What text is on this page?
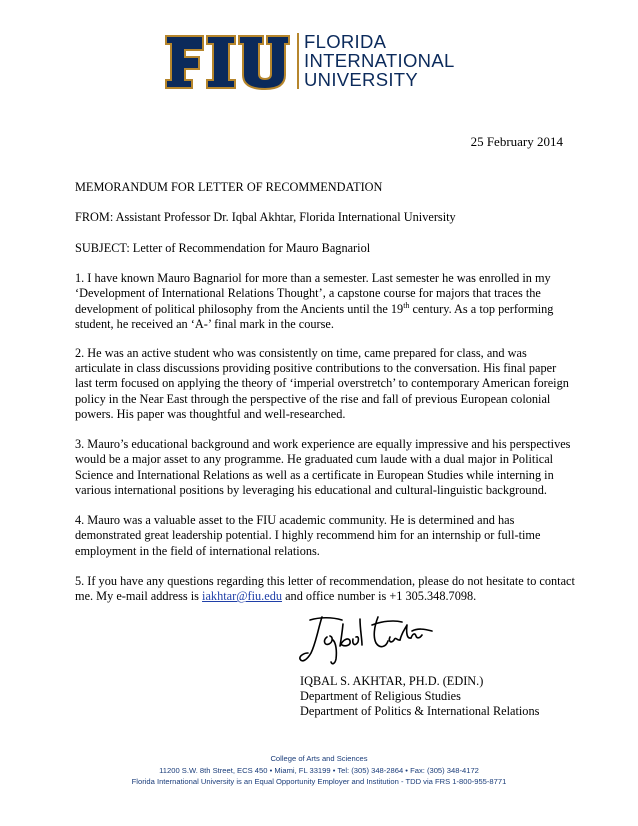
FLORIDA
INTERNATIONAL
UNIVERSITY
25 February 2014

MEMORANDUM FOR LETTER OF RECOMMENDATION

FROM: Assistant Professor Dr. Iqbal Akhtar, Florida International University

SUBJECT: Letter of Recommendation for Mauro Bagnariol

1. I have known Mauro Bagnariol for more than a semester. Last semester he was enrolled in my ‘Development of International Relations Thought’, a capstone course for majors that traces the development of political philosophy from the Ancients until the 19th century. As a top performing student, he received an ‘A-’ final mark in the course.

2. He was an active student who was consistently on time, came prepared for class, and was articulate in class discussions providing positive contributions to the conversation. His final paper last term focused on applying the theory of ‘imperial overstretch’ to contemporary American foreign policy in the Near East through the perspective of the rise and fall of previous European colonial powers. His paper was thoughtful and well-researched.

3. Mauro’s educational background and work experience are equally impressive and his perspectives would be a major asset to any programme. He graduated cum laude with a dual major in Political Science and International Relations as well as a certificate in European Studies while interning in various international positions by leveraging his educational and cultural-linguistic background.

4. Mauro was a valuable asset to the FIU academic community. He is determined and has demonstrated great leadership potential. I highly recommend him for an internship or full-time employment in the field of international relations.

5. If you have any questions regarding this letter of recommendation, please do not hesitate to contact me. My e-mail address is iakhtar@fiu.edu and office number is +1 305.348.7098.

IQBAL S. AKHTAR, PH.D. (EDIN.)
Department of Religious Studies
Department of Politics & International Relations
College of Arts and Sciences
11200 S.W. 8th Street, ECS 450 • Miami, FL 33199 • Tel: (305) 348-2864 • Fax: (305) 348-4172
Florida International University is an Equal Opportunity Employer and Institution - TDD via FRS 1-800-955-8771
